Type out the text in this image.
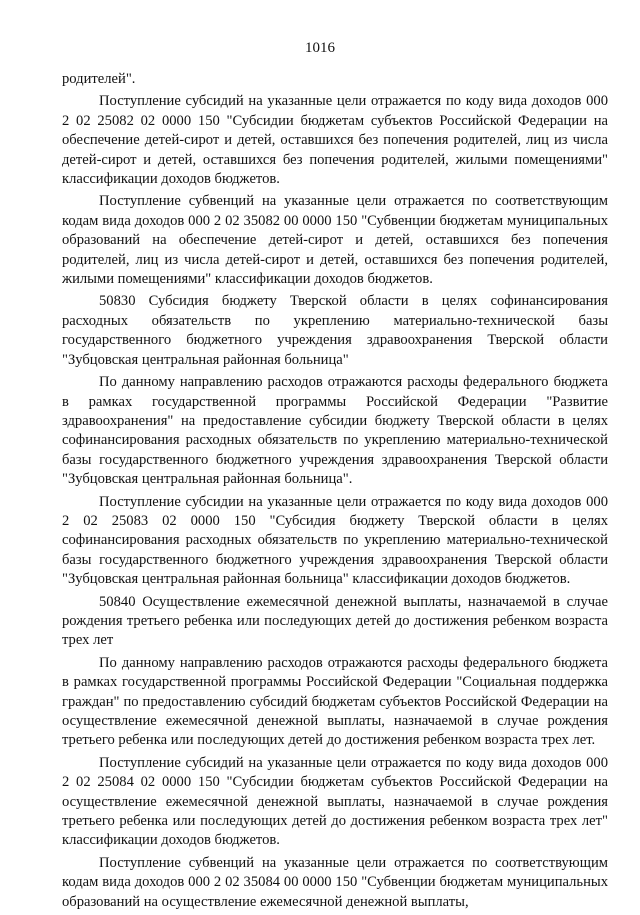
1016

родителей".

Поступление субсидий на указанные цели отражается по коду вида доходов 000 2 02 25082 02 0000 150 "Субсидии бюджетам субъектов Российской Федерации на обеспечение детей-сирот и детей, оставшихся без попечения родителей, лиц из числа детей-сирот и детей, оставшихся без попечения родителей, жилыми помещениями" классификации доходов бюджетов.

Поступление субвенций на указанные цели отражается по соответствующим кодам вида доходов 000 2 02 35082 00 0000 150 "Субвенции бюджетам муниципальных образований на обеспечение детей-сирот и детей, оставшихся без попечения родителей, лиц из числа детей-сирот и детей, оставшихся без попечения родителей, жилыми помещениями" классификации доходов бюджетов.

50830 Субсидия бюджету Тверской области в целях софинансирования расходных обязательств по укреплению материально-технической базы государственного бюджетного учреждения здравоохранения Тверской области "Зубцовская центральная районная больница"

По данному направлению расходов отражаются расходы федерального бюджета в рамках государственной программы Российской Федерации "Развитие здравоохранения" на предоставление субсидии бюджету Тверской области в целях софинансирования расходных обязательств по укреплению материально-технической базы государственного бюджетного учреждения здравоохранения Тверской области "Зубцовская центральная районная больница".

Поступление субсидии на указанные цели отражается по коду вида доходов 000 2 02 25083 02 0000 150 "Субсидия бюджету Тверской области в целях софинансирования расходных обязательств по укреплению материально-технической базы государственного бюджетного учреждения здравоохранения Тверской области "Зубцовская центральная районная больница" классификации доходов бюджетов.

50840 Осуществление ежемесячной денежной выплаты, назначаемой в случае рождения третьего ребенка или последующих детей до достижения ребенком возраста трех лет

По данному направлению расходов отражаются расходы федерального бюджета в рамках государственной программы Российской Федерации "Социальная поддержка граждан" по предоставлению субсидий бюджетам субъектов Российской Федерации на осуществление ежемесячной денежной выплаты, назначаемой в случае рождения третьего ребенка или последующих детей до достижения ребенком возраста трех лет.

Поступление субсидий на указанные цели отражается по коду вида доходов 000 2 02 25084 02 0000 150 "Субсидии бюджетам субъектов Российской Федерации на осуществление ежемесячной денежной выплаты, назначаемой в случае рождения третьего ребенка или последующих детей до достижения ребенком возраста трех лет" классификации доходов бюджетов.

Поступление субвенций на указанные цели отражается по соответствующим кодам вида доходов 000 2 02 35084 00 0000 150 "Субвенции бюджетам муниципальных образований на осуществление ежемесячной денежной выплаты,
